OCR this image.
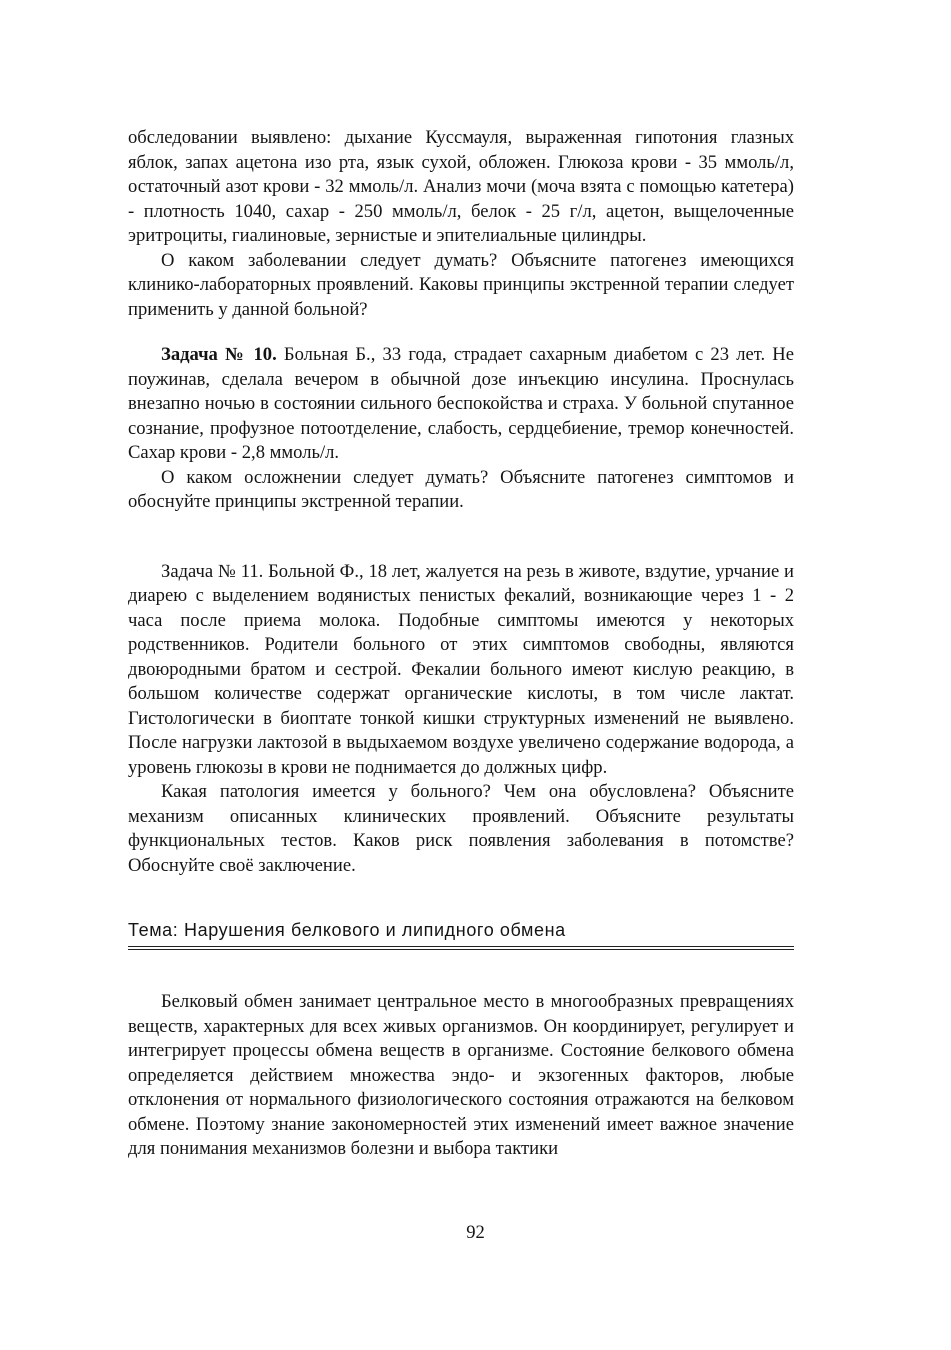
обследовании выявлено: дыхание Куссмауля, выраженная гипотония глазных яблок, запах ацетона изо рта, язык сухой, обложен. Глюкоза крови - 35 ммоль/л, остаточный азот крови - 32 ммоль/л. Анализ мочи (моча взята с помощью катетера) - плотность 1040, сахар - 250 ммоль/л, белок - 25 г/л, ацетон, выщелоченные эритроциты, гиалиновые, зернистые и эпителиальные цилиндры.

О каком заболевании следует думать? Объясните патогенез имеющихся клинико-лабораторных проявлений. Каковы принципы экстренной терапии следует применить у данной больной?

Задача № 10. Больная Б., 33 года, страдает сахарным диабетом с 23 лет. Не поужинав, сделала вечером в обычной дозе инъекцию инсулина. Проснулась внезапно ночью в состоянии сильного беспокойства и страха. У больной спутанное сознание, профузное потоотделение, слабость, сердцебиение, тремор конечностей. Сахар крови - 2,8 ммоль/л.

О каком осложнении следует думать? Объясните патогенез симптомов и обоснуйте принципы экстренной терапии.

Задача № 11. Больной Ф., 18 лет, жалуется на резь в животе, вздутие, урчание и диарею с выделением водянистых пенистых фекалий, возникающие через 1 - 2 часа после приема молока. Подобные симптомы имеются у некоторых родственников. Родители больного от этих симптомов свободны, являются двоюродными братом и сестрой. Фекалии больного имеют кислую реакцию, в большом количестве содержат органические кислоты, в том числе лактат. Гистологически в биоптате тонкой кишки структурных изменений не выявлено. После нагрузки лактозой в выдыхаемом воздухе увеличено содержание водорода, а уровень глюкозы в крови не поднимается до должных цифр.

Какая патология имеется у больного? Чем она обусловлена? Объясните механизм описанных клинических проявлений. Объясните результаты функциональных тестов. Каков риск появления заболевания в потомстве? Обоснуйте своё заключение.

Тема: Нарушения белкового и липидного обмена

Белковый обмен занимает центральное место в многообразных превращениях веществ, характерных для всех живых организмов. Он координирует, регулирует и интегрирует процессы обмена веществ в организме. Состояние белкового обмена определяется действием множества эндо- и экзогенных факторов, любые отклонения от нормального физиологического состояния отражаются на белковом обмене. Поэтому знание закономерностей этих изменений имеет важное значение для понимания механизмов болезни и выбора тактики

92
